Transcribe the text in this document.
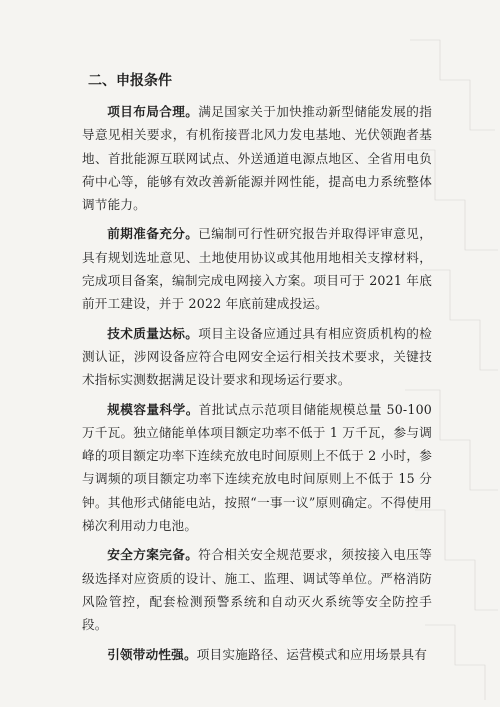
二、申报条件

项目布局合理。满足国家关于加快推动新型储能发展的指导意见相关要求，有机衔接晋北风力发电基地、光伏领跑者基地、首批能源互联网试点、外送通道电源点地区、全省用电负荷中心等，能够有效改善新能源并网性能，提高电力系统整体调节能力。

前期准备充分。已编制可行性研究报告并取得评审意见，具有规划选址意见、土地使用协议或其他用地相关支撑材料，完成项目备案，编制完成电网接入方案。项目可于 2021 年底前开工建设，并于 2022 年底前建成投运。

技术质量达标。项目主设备应通过具有相应资质机构的检测认证，涉网设备应符合电网安全运行相关技术要求，关键技术指标实测数据满足设计要求和现场运行要求。

规模容量科学。首批试点示范项目储能规模总量 50-100 万千瓦。独立储能单体项目额定功率不低于 1 万千瓦，参与调峰的项目额定功率下连续充放电时间原则上不低于 2 小时，参与调频的项目额定功率下连续充放电时间原则上不低于 15 分钟。其他形式储能电站，按照“一事一议”原则确定。不得使用梯次利用动力电池。

安全方案完备。符合相关安全规范要求，须按接入电压等级选择对应资质的设计、施工、监理、调试等单位。严格消防风险管控，配套检测预警系统和自动灭火系统等安全防控手段。

引领带动性强。项目实施路径、运营模式和应用场景具有
